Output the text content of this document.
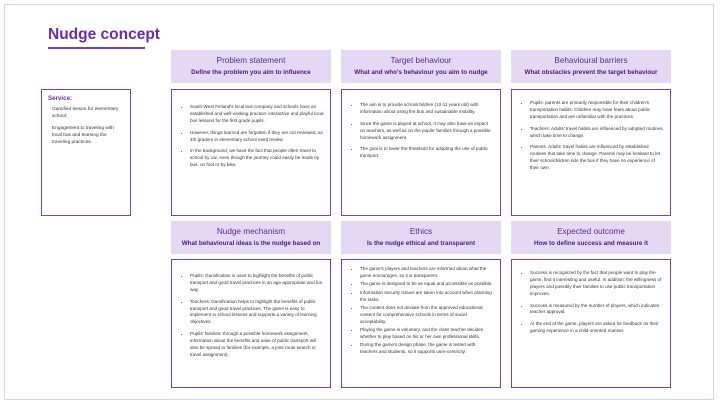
Nudge concept
Service:

Gamified lesson for elementary school:

Engagement to traveling with local bus and learning the traveling practices.

Problem statement
Define the problem you aim to influence
• South-West Finland's local bus company and schools have an established and well working practice: interactive and playful local bus lessons for the first grade pupils.
• However, things learned are forgotten if they are not reviewed, so 4th graders in elementary school need review.
• In the background, we have the fact that people often travel to school by car, even though the journey could easily be made by bus, on foot or by bike.
Target behaviour
What and who's behaviour you aim to nudge
• The aim is to provide schoolchildren (10-11 years old) with information about using the bus and sustainable mobility.
• Since the game is played at school, it may also have an impact on teachers, as well as on the pupils' families through a possible homework assignment.
• The goal is to lower the threshold for adopting the use of public transport.
Behavioural barriers
What obstacles prevent the target behaviour
• Pupils: parents are primarily responsible for their children's transportation habits. Children may have fears about public transportation and are unfamiliar with the practices.
• Teachers: Adults' travel habits are influenced by adopted routines, which take time to change.
• Parents: Adults' travel habits are influenced by established routines that take time to change. Parents may be hesitant to let their schoolchildren ride the bus if they have no experience of their own.
Nudge mechanism
What behavioural ideas is the nudge based on
• Pupils: Gamification is used to highlight the benefits of public transport and good travel practices in an age-appropriate and fun way.
• Teachers: Gamification helps to highlight the benefits of public transport and good travel practices. The game is easy to implement in school lessons and supports a variety of learning objectives.
• Pupils' families: through a possible homework assignment, information about the benefits and ease of public transport will also be spread to families (for example, a joint route search or travel assignment).
Ethics
Is the nudge ethical and transparent
• The game's players and teachers are informed about what the game encourages, so it is transparent.
• The game is designed to be as equal and accessible as possible.
• Information security issues are taken into account when planning the tasks.
• The content does not deviate from the approved educational content for comprehensive schools in terms of social acceptability.
• Playing the game is voluntary, and the class teacher decides whether to play based on his or her own professional skills.
• During the game's design phase, the game is tested with teachers and students, so it supports user-centricity.
Expected outcome
How to define success and measure it
• Success is recognized by the fact that people want to play the game, find it interesting and useful. In addition, the willingness of players and possibly their families to use public transportation improves.
• Success is measured by the number of players, which indicates teacher approval.
• At the end of the game, players are asked for feedback on their gaming experience in a child-oriented manner.
